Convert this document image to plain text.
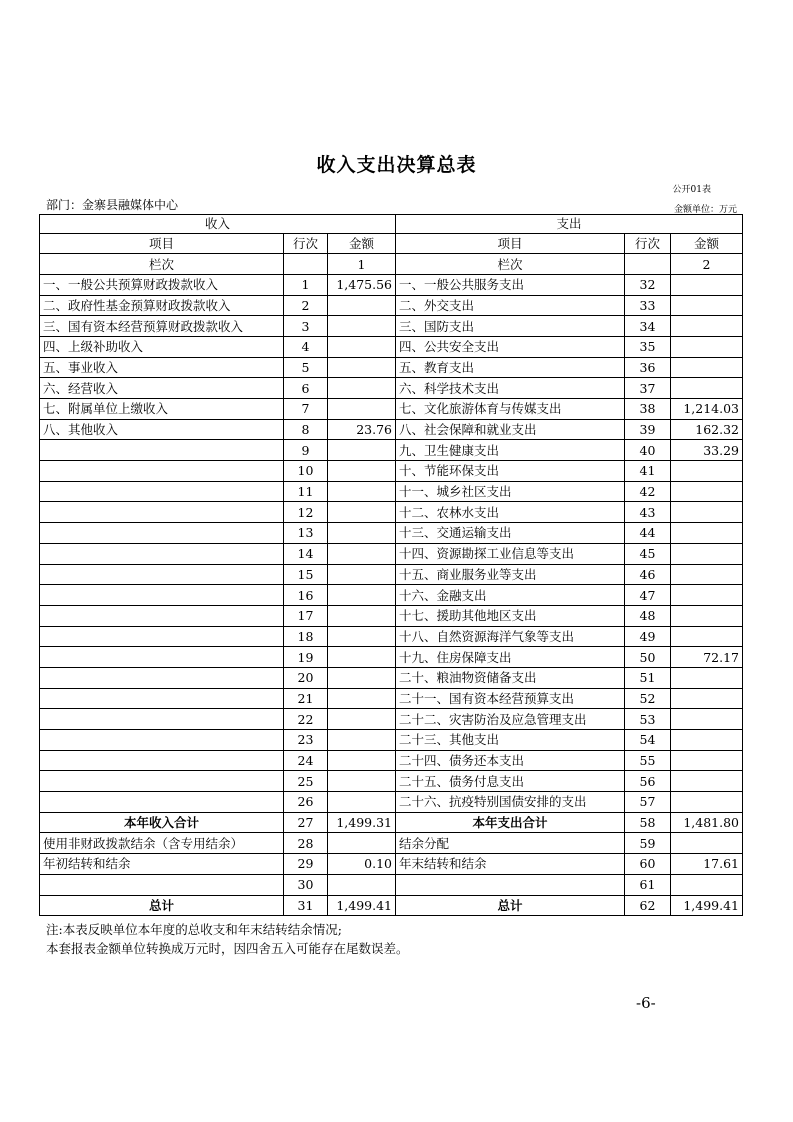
收入支出决算总表
公开01表
部门：金寨县融媒体中心	金额单位：万元
收入			支出		
项目	行次	金额	项目	行次	金额
栏次		1	栏次		2
一、一般公共预算财政拨款收入	1	1,475.56	一、一般公共服务支出	32	
二、政府性基金预算财政拨款收入	2		二、外交支出	33	
三、国有资本经营预算财政拨款收入	3		三、国防支出	34	
四、上级补助收入	4		四、公共安全支出	35	
五、事业收入	5		五、教育支出	36	
六、经营收入	6		六、科学技术支出	37	
七、附属单位上缴收入	7		七、文化旅游体育与传媒支出	38	1,214.03
八、其他收入	8	23.76	八、社会保障和就业支出	39	162.32
	9		九、卫生健康支出	40	33.29
	10		十、节能环保支出	41	
	11		十一、城乡社区支出	42	
	12		十二、农林水支出	43	
	13		十三、交通运输支出	44	
	14		十四、资源勘探工业信息等支出	45	
	15		十五、商业服务业等支出	46	
	16		十六、金融支出	47	
	17		十七、援助其他地区支出	48	
	18		十八、自然资源海洋气象等支出	49	
	19		十九、住房保障支出	50	72.17
	20		二十、粮油物资储备支出	51	
	21		二十一、国有资本经营预算支出	52	
	22		二十二、灾害防治及应急管理支出	53	
	23		二十三、其他支出	54	
	24		二十四、债务还本支出	55	
	25		二十五、债务付息支出	56	
	26		二十六、抗疫特别国债安排的支出	57	
本年收入合计	27	1,499.31	本年支出合计	58	1,481.80
使用非财政拨款结余（含专用结余）	28		结余分配	59	
年初结转和结余	29	0.10	年末结转和结余	60	17.61
	30			61	
总计	31	1,499.41	总计	62	1,499.41
注:本表反映单位本年度的总收支和年末结转结余情况;
本套报表金额单位转换成万元时，因四舍五入可能存在尾数误差。
-6-
